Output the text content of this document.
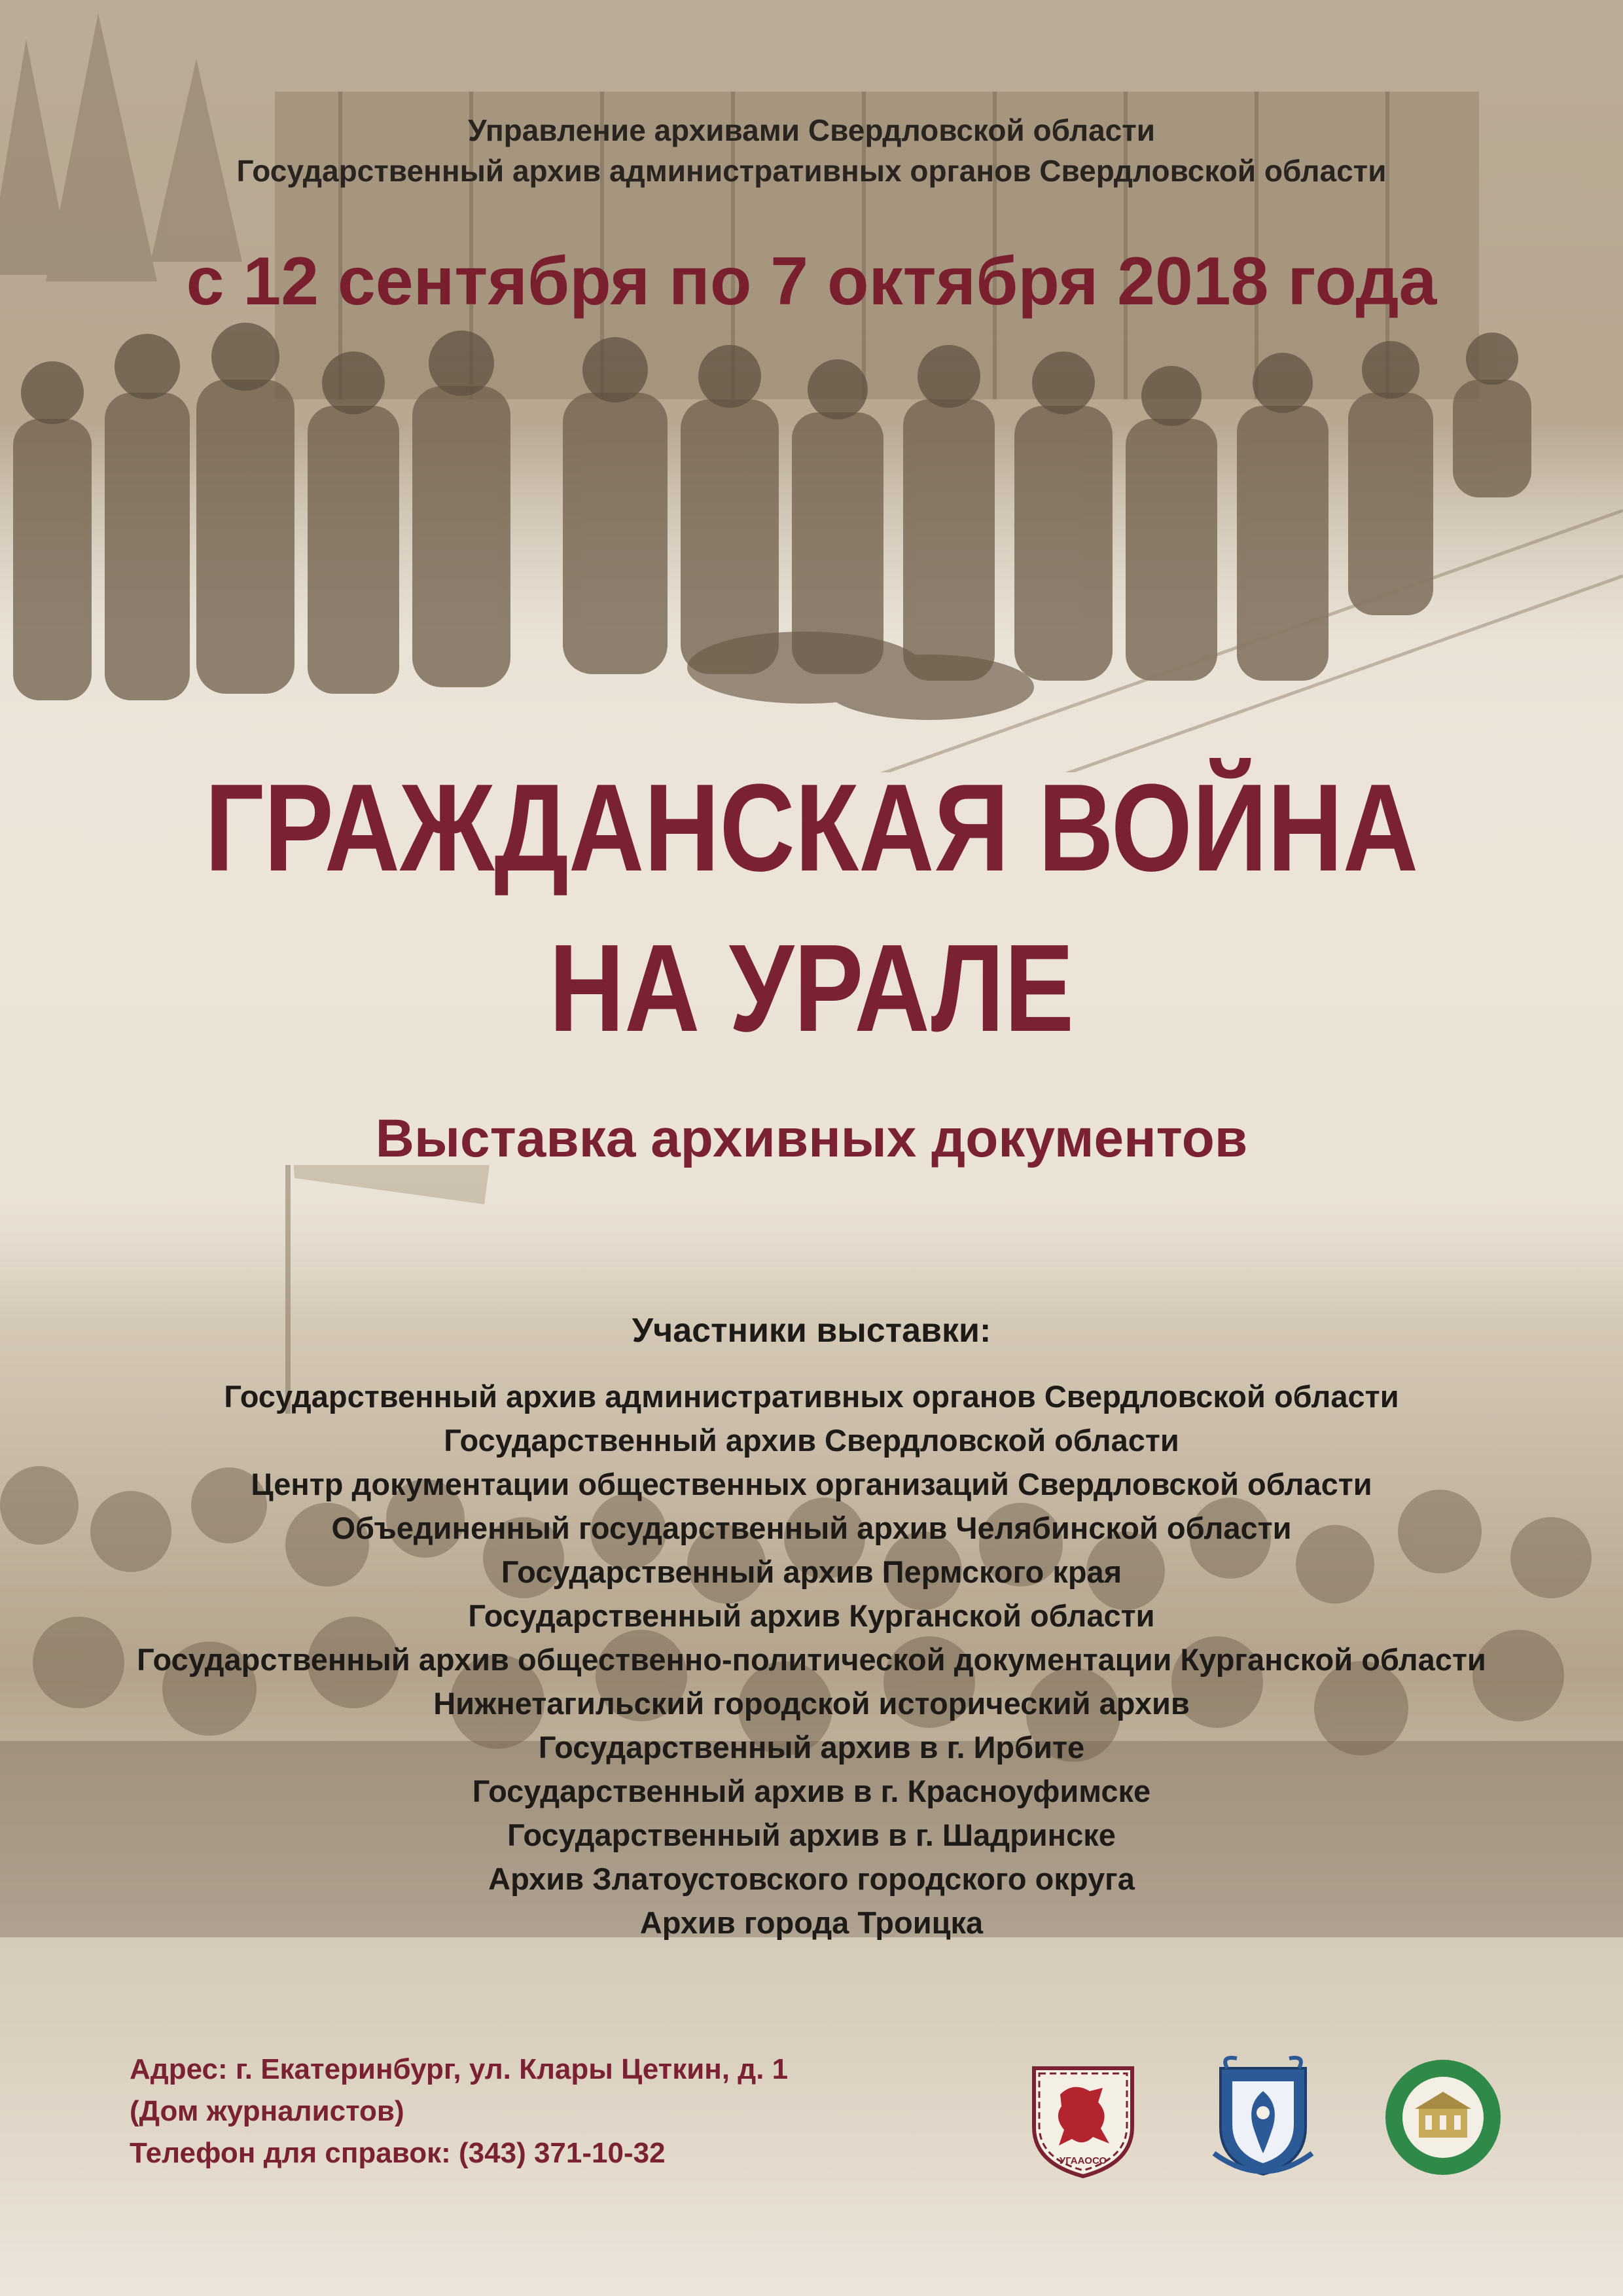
Управление архивами Свердловской области
Государственный архив административных органов Свердловской области
с 12 сентября по 7 октября 2018 года
ГРАЖДАНСКАЯ ВОЙНА
НА УРАЛЕ
Выставка архивных документов
Участники выставки:
Государственный архив административных органов Свердловской области
Государственный архив Свердловской области
Центр документации общественных организаций Свердловской области
Объединенный государственный архив Челябинской области
Государственный архив Пермского края
Государственный архив Курганской области
Государственный архив общественно-политической документации Курганской области
Нижнетагильский городской исторический архив
Государственный архив в г. Ирбите
Государственный архив в г. Красноуфимске
Государственный архив в г. Шадринске
Архив Златоустовского городского округа
Архив города Троицка
Адрес: г. Екатеринбург, ул. Клары Цеткин, д. 1
(Дом журналистов)
Телефон для справок: (343) 371-10-32	УГААОСО
